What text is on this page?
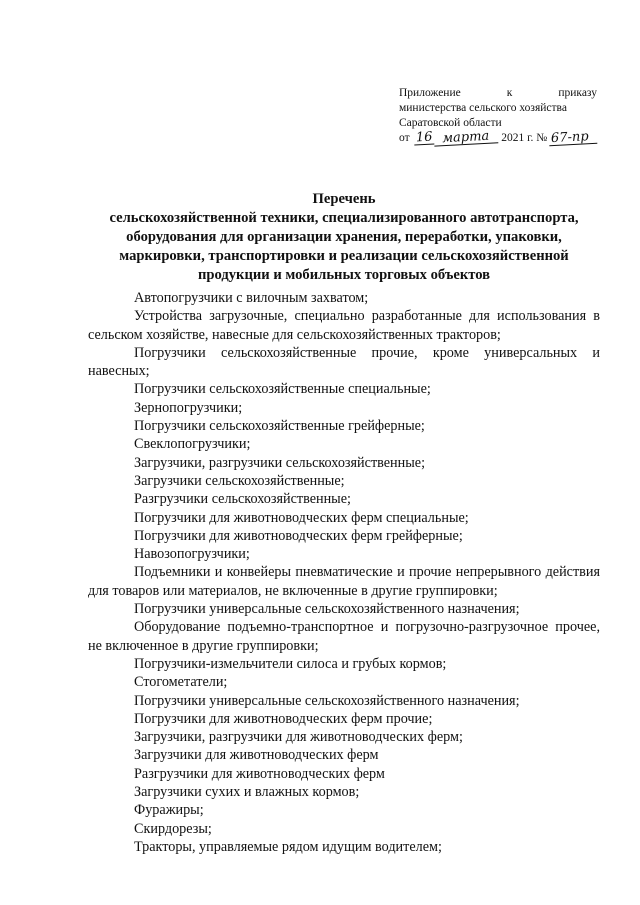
Приложение	к	приказу
министерства сельского хозяйства
Саратовской области
от 16 марта	2021 г. № 67-пр
Перечень
сельскохозяйственной техники, специализированного автотранспорта,
оборудования для организации хранения, переработки, упаковки,
маркировки, транспортировки и реализации сельскохозяйственной
продукции и мобильных торговых объектов

Автопогрузчики с вилочным захватом;

Устройства загрузочные, специально разработанные для использования в сельском хозяйстве, навесные для сельскохозяйственных тракторов;

Погрузчики сельскохозяйственные прочие, кроме универсальных и навесных;

Погрузчики сельскохозяйственные специальные;

Зернопогрузчики;

Погрузчики сельскохозяйственные грейферные;

Свеклопогрузчики;

Загрузчики, разгрузчики сельскохозяйственные;

Загрузчики сельскохозяйственные;

Разгрузчики сельскохозяйственные;

Погрузчики для животноводческих ферм специальные;

Погрузчики для животноводческих ферм грейферные;

Навозопогрузчики;

Подъемники и конвейеры пневматические и прочие непрерывного действия для товаров или материалов, не включенные в другие группировки;

Погрузчики универсальные сельскохозяйственного назначения;

Оборудование подъемно-транспортное и погрузочно-разгрузочное прочее, не включенное в другие группировки;

Погрузчики-измельчители силоса и грубых кормов;

Стогометатели;

Погрузчики универсальные сельскохозяйственного назначения;

Погрузчики для животноводческих ферм прочие;

Загрузчики, разгрузчики для животноводческих ферм;

Загрузчики для животноводческих ферм

Разгрузчики для животноводческих ферм

Загрузчики сухих и влажных кормов;

Фуражиры;

Скирдорезы;

Тракторы, управляемые рядом идущим водителем;
